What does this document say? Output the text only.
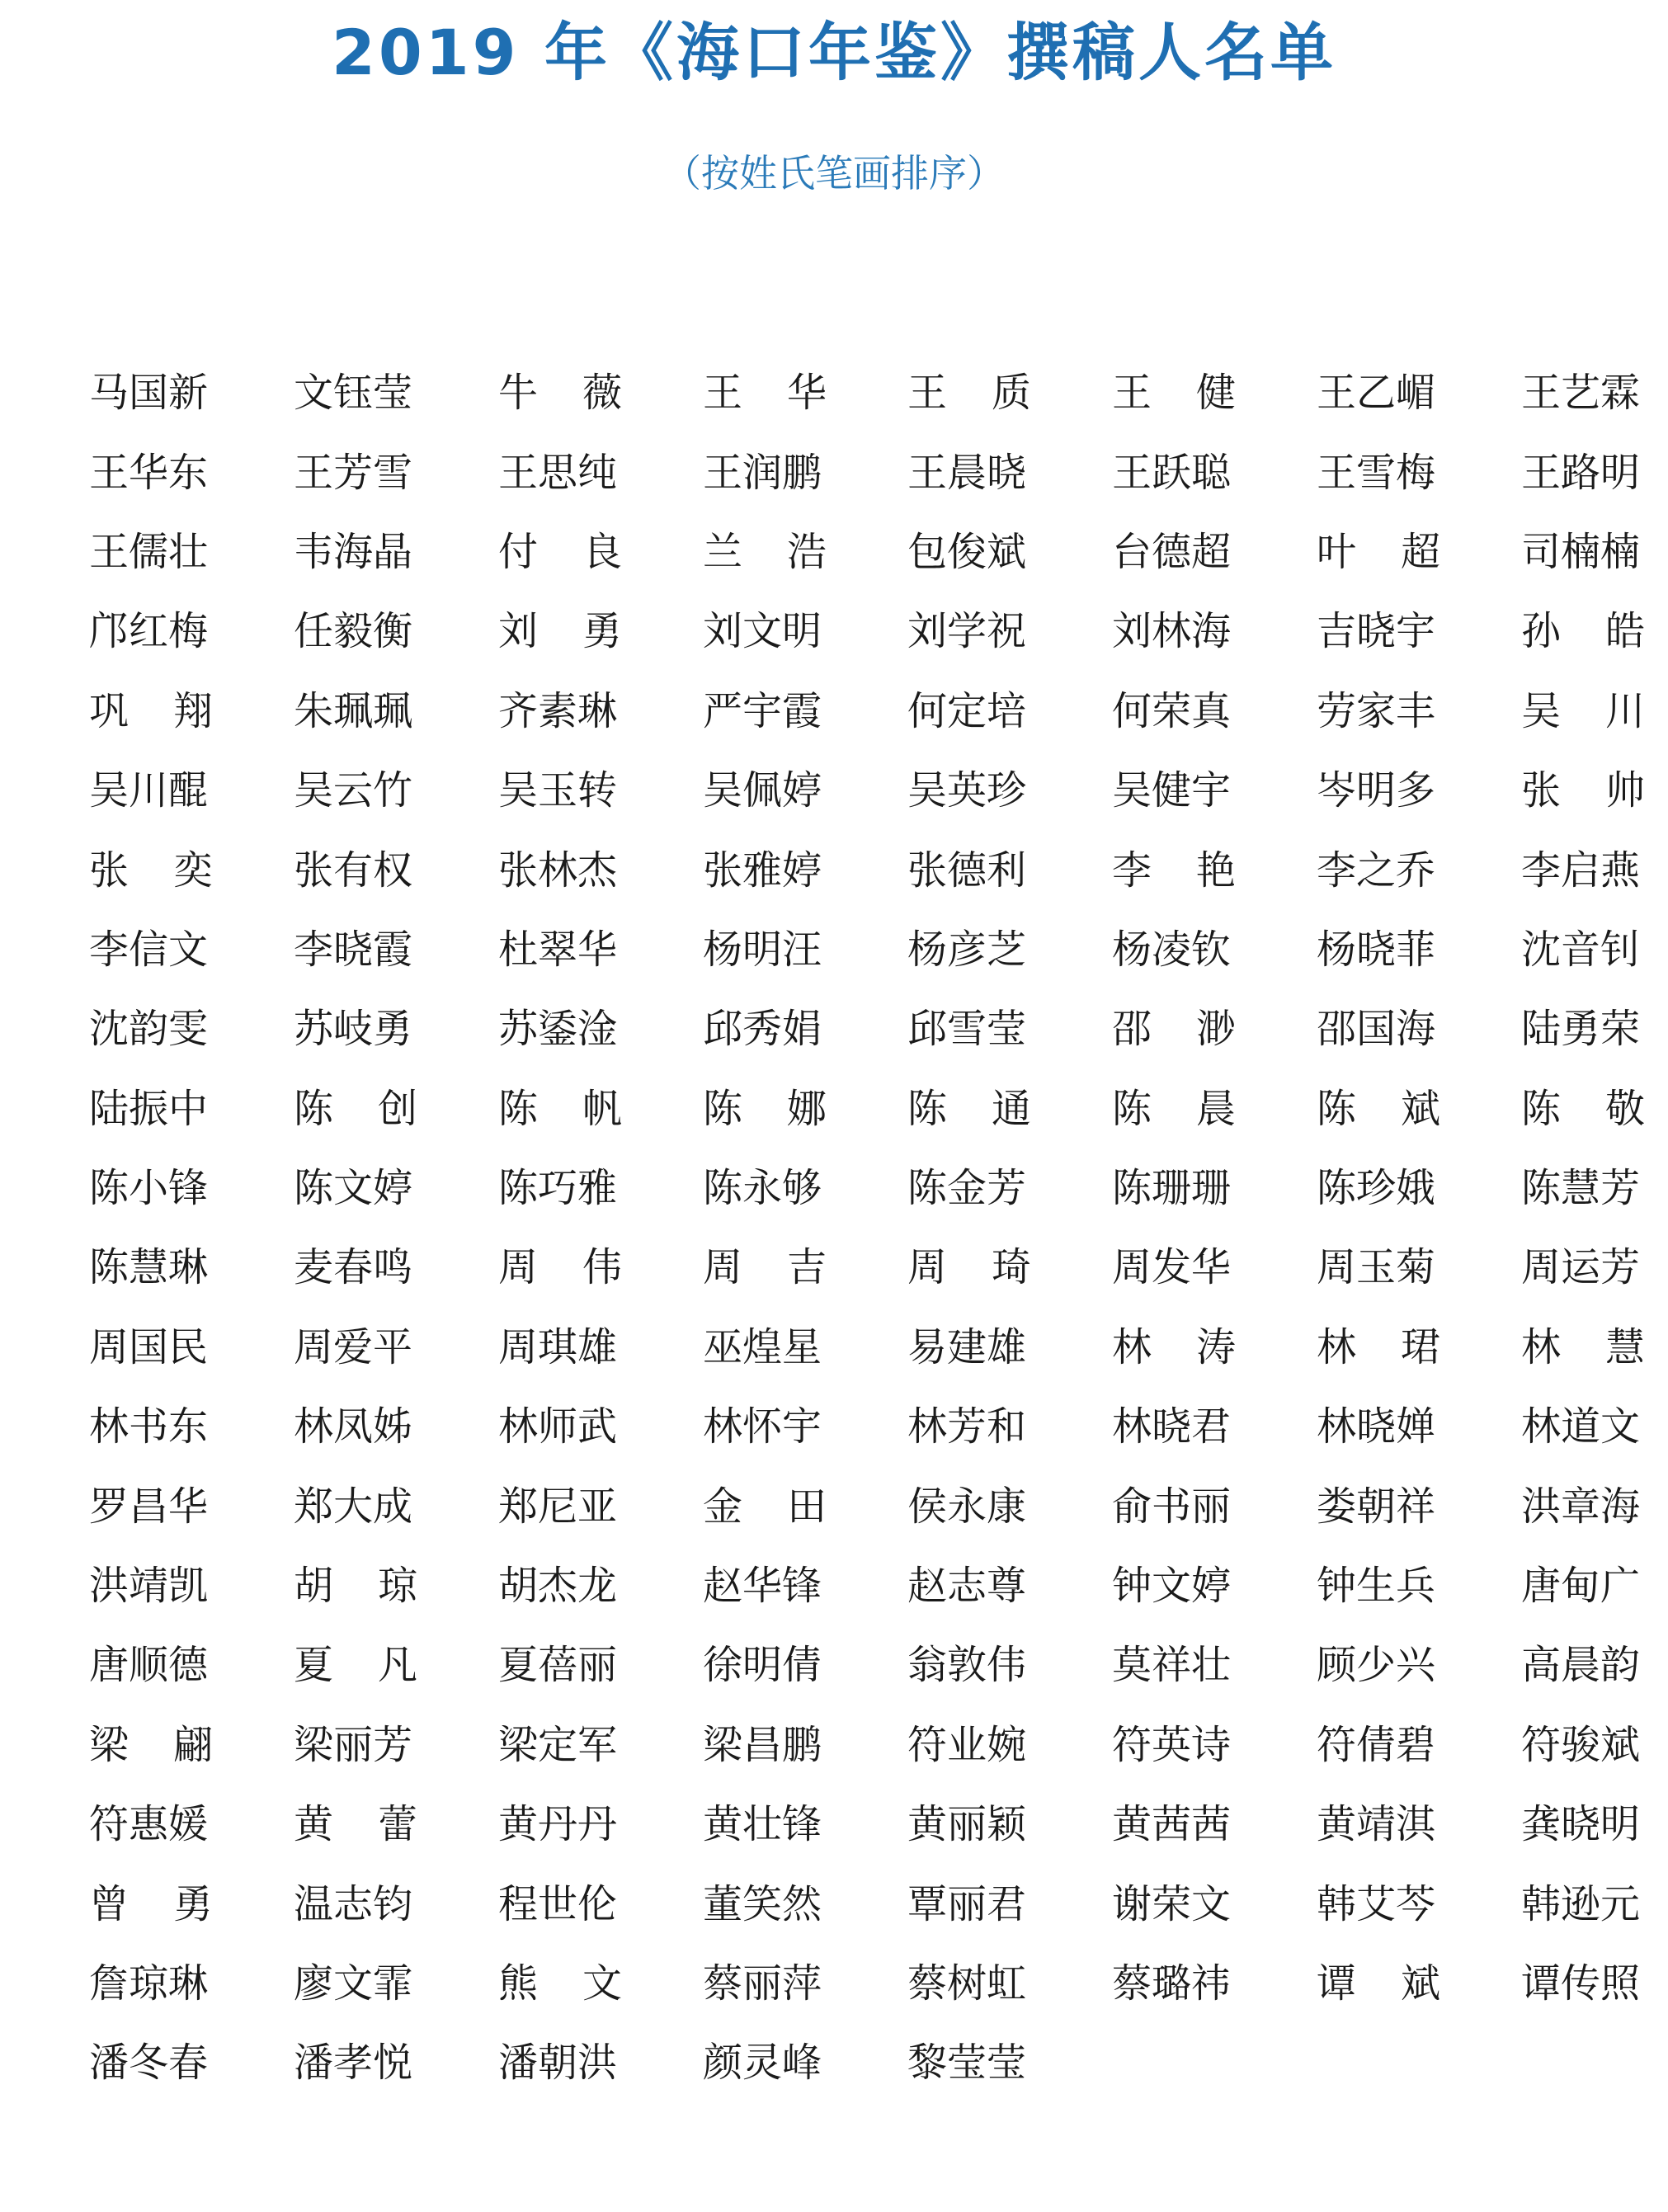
2019 年《海口年鉴》撰稿人名单
（按姓氏笔画排序）
马国新 文钰莹 牛 薇 王 华 王 质 王 健 王乙嵋 王艺霖
王华东 王芳雪 王思纯 王润鹏 王晨晓 王跃聪 王雪梅 王路明
王儒壮 韦海晶 付 良 兰 浩 包俊斌 台德超 叶 超 司楠楠
邝红梅 任毅衡 刘 勇 刘文明 刘学祝 刘林海 吉晓宇 孙 皓
巩 翔 朱珮珮 齐素琳 严宇霞 何定培 何荣真 劳家丰 吴 川
吴川醌 吴云竹 吴玉转 吴佩婷 吴英珍 吴健宇 岑明多 张 帅
张 奕 张有权 张林杰 张雅婷 张德利 李 艳 李之乔 李启燕
李信文 李晓霞 杜翠华 杨明汪 杨彦芝 杨凌钦 杨晓菲 沈音钊
沈韵雯 苏岐勇 苏鋈淦 邱秀娟 邱雪莹 邵 渺 邵国海 陆勇荣
陆振中 陈 创 陈 帆 陈 娜 陈 通 陈 晨 陈 斌 陈 敬
陈小锋 陈文婷 陈巧雅 陈永够 陈金芳 陈珊珊 陈珍娥 陈慧芳
陈慧琳 麦春鸣 周 伟 周 吉 周 琦 周发华 周玉菊 周运芳
周国民 周爱平 周琪雄 巫煌星 易建雄 林 涛 林 珺 林 慧
林书东 林凤姊 林师武 林怀宇 林芳和 林晓君 林晓婵 林道文
罗昌华 郑大成 郑尼亚 金 田 侯永康 俞书丽 娄朝祥 洪章海
洪靖凯 胡 琼 胡杰龙 赵华锋 赵志尊 钟文婷 钟生兵 唐甸广
唐顺德 夏 凡 夏蓓丽 徐明倩 翁敦伟 莫祥壮 顾少兴 高晨韵
梁 翩 梁丽芳 梁定军 梁昌鹏 符业婉 符英诗 符倩碧 符骏斌
符惠媛 黄 蕾 黄丹丹 黄壮锋 黄丽颖 黄茜茜 黄靖淇 龚晓明
曾 勇 温志钧 程世伦 董笑然 覃丽君 谢荣文 韩艾芩 韩逊元
詹琼琳 廖文霏 熊 文 蔡丽萍 蔡树虹 蔡璐祎 谭 斌 谭传照
潘冬春 潘孝悦 潘朝洪 颜灵峰 黎莹莹
